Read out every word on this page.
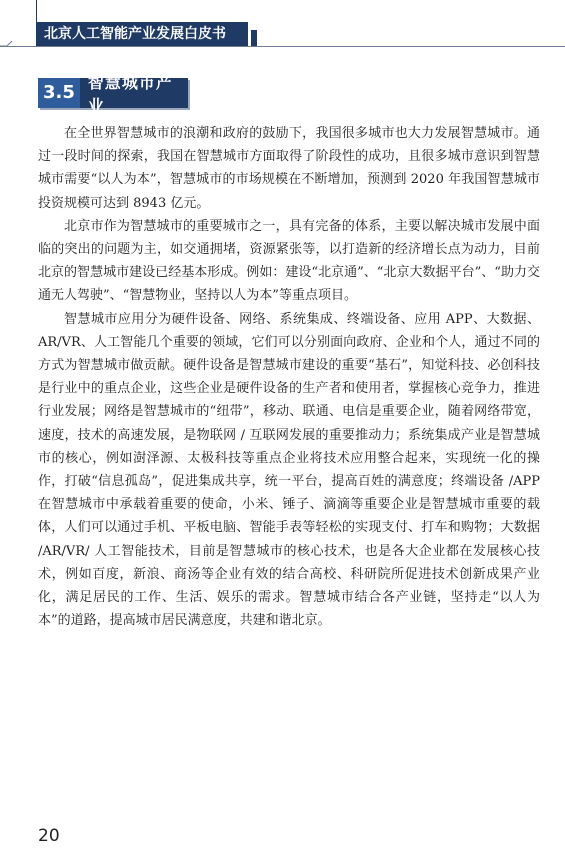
北京人工智能产业发展白皮书
3.5 智慧城市产业

在全世界智慧城市的浪潮和政府的鼓励下，我国很多城市也大力发展智慧城市。通过一段时间的探索，我国在智慧城市方面取得了阶段性的成功，且很多城市意识到智慧城市需要“以人为本”，智慧城市的市场规模在不断增加，预测到 2020 年我国智慧城市投资规模可达到 8943 亿元。

北京市作为智慧城市的重要城市之一，具有完备的体系，主要以解决城市发展中面临的突出的问题为主，如交通拥堵，资源紧张等，以打造新的经济增长点为动力，目前北京的智慧城市建设已经基本形成。例如：建设“北京通”、“北京大数据平台”、“助力交通无人驾驶”、“智慧物业，坚持以人为本”等重点项目。

智慧城市应用分为硬件设备、网络、系统集成、终端设备、应用 APP、大数据、AR/VR、人工智能几个重要的领域，它们可以分别面向政府、企业和个人，通过不同的方式为智慧城市做贡献。硬件设备是智慧城市建设的重要“基石”，知觉科技、必创科技是行业中的重点企业，这些企业是硬件设备的生产者和使用者，掌握核心竞争力，推进行业发展；网络是智慧城市的“纽带”，移动、联通、电信是重要企业，随着网络带宽，速度，技术的高速发展，是物联网 / 互联网发展的重要推动力；系统集成产业是智慧城市的核心，例如澍泽源、太极科技等重点企业将技术应用整合起来，实现统一化的操作，打破“信息孤岛”，促进集成共享，统一平台，提高百姓的满意度；终端设备 /APP 在智慧城市中承载着重要的使命，小米、锤子、滴滴等重要企业是智慧城市重要的载体，人们可以通过手机、平板电脑、智能手表等轻松的实现支付、打车和购物；大数据 /AR/VR/ 人工智能技术，目前是智慧城市的核心技术，也是各大企业都在发展核心技术，例如百度，新浪、商汤等企业有效的结合高校、科研院所促进技术创新成果产业化，满足居民的工作、生活、娱乐的需求。智慧城市结合各产业链，坚持走“以人为本”的道路，提高城市居民满意度，共建和谐北京。

20
